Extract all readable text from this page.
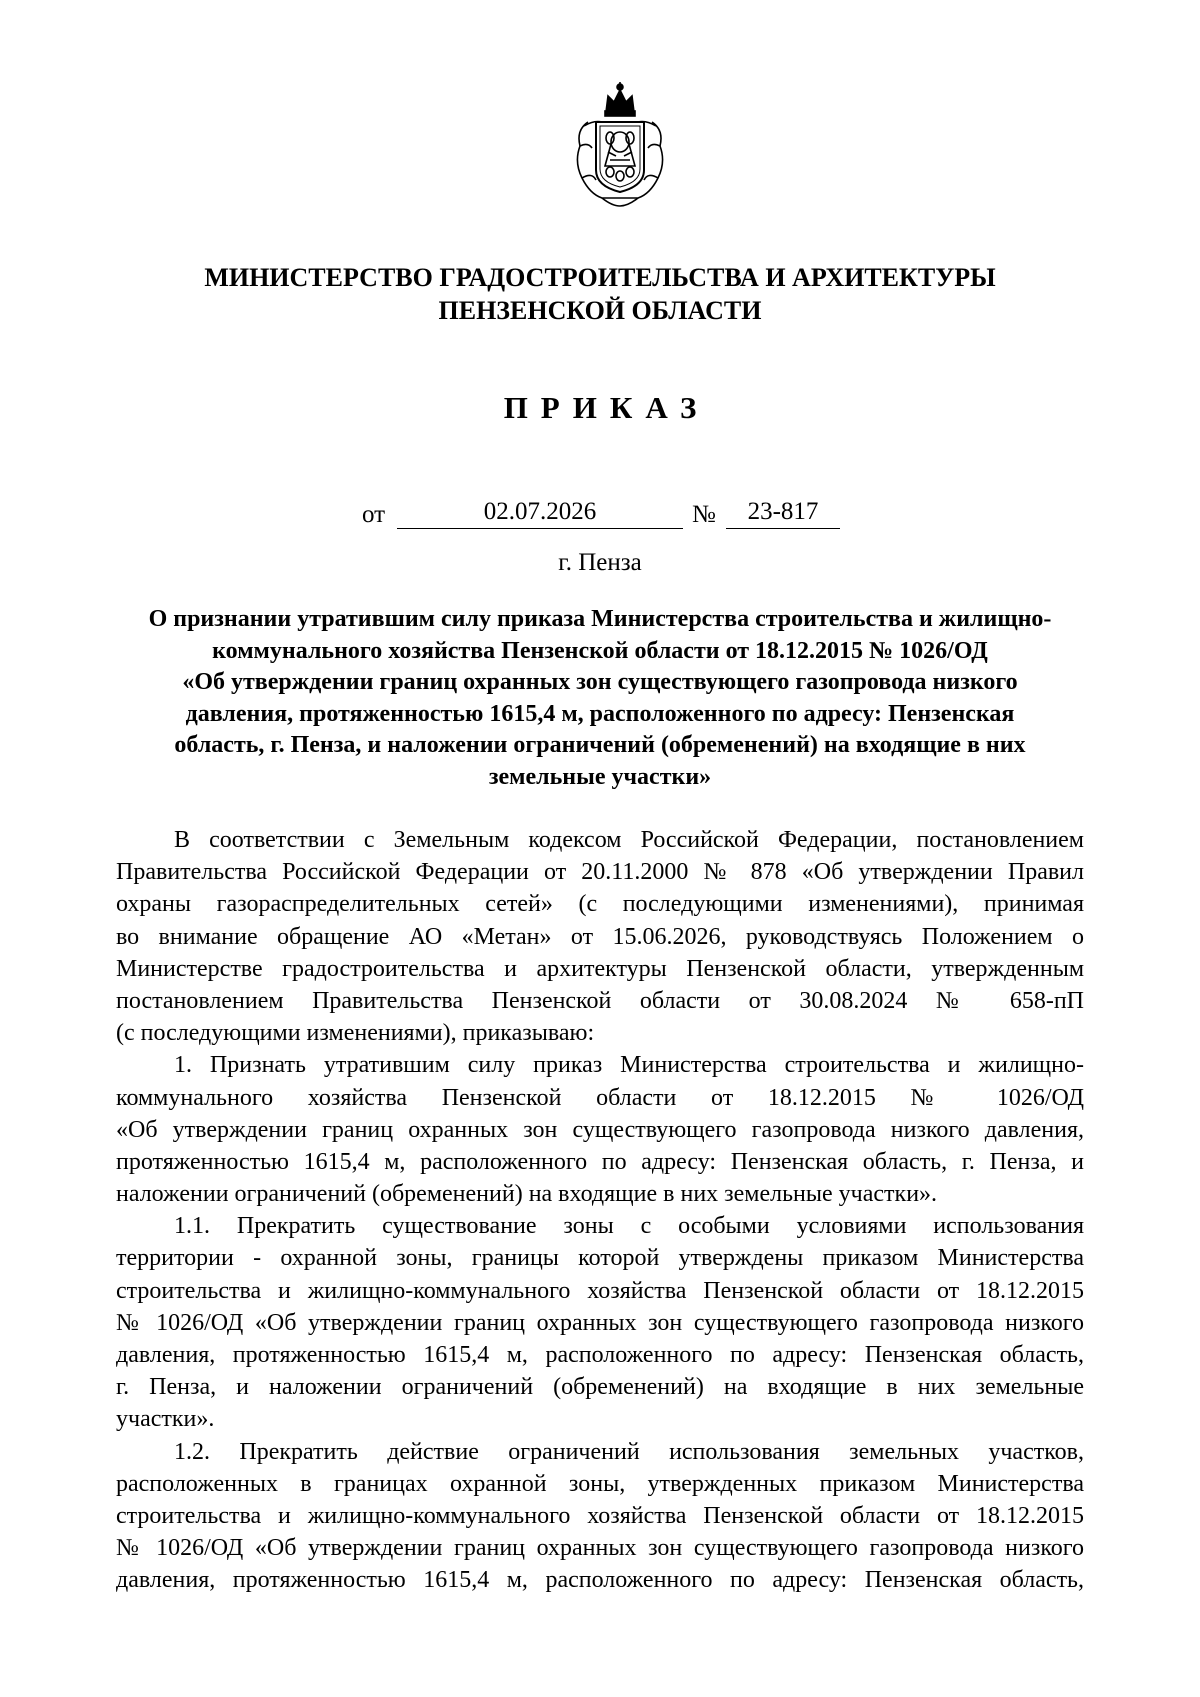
МИНИСТЕРСТВО ГРАДОСТРОИТЕЛЬСТВА И АРХИТЕКТУРЫ
ПЕНЗЕНСКОЙ ОБЛАСТИ
ПРИКАЗ
от	02.07.2026	№	23-817
г. Пенза
О признании утратившим силу приказа Министерства строительства и жилищно-
коммунального хозяйства Пензенской области от 18.12.2015 № 1026/ОД
«Об утверждении границ охранных зон существующего газопровода низкого
давления, протяженностью 1615,4 м, расположенного по адресу: Пензенская
область, г. Пенза, и наложении ограничений (обременений) на входящие в них
земельные участки»
В соответствии с Земельным кодексом Российской Федерации, постановлением
Правительства Российской Федерации от 20.11.2000 № 878 «Об утверждении Правил
охраны газораспределительных сетей» (с последующими изменениями), принимая
во внимание обращение АО «Метан» от 15.06.2026, руководствуясь Положением о
Министерстве градостроительства и архитектуры Пензенской области, утвержденным
постановлением Правительства Пензенской области от 30.08.2024 № 658-пП
(с последующими изменениями), приказываю:
1. Признать утратившим силу приказ Министерства строительства и жилищно-
коммунального хозяйства Пензенской области от 18.12.2015 № 1026/ОД
«Об утверждении границ охранных зон существующего газопровода низкого давления,
протяженностью 1615,4 м, расположенного по адресу: Пензенская область, г. Пенза, и
наложении ограничений (обременений) на входящие в них земельные участки».
1.1. Прекратить существование зоны с особыми условиями использования
территории - охранной зоны, границы которой утверждены приказом Министерства
строительства и жилищно-коммунального хозяйства Пензенской области от 18.12.2015
№ 1026/ОД «Об утверждении границ охранных зон существующего газопровода низкого
давления, протяженностью 1615,4 м, расположенного по адресу: Пензенская область,
г. Пенза, и наложении ограничений (обременений) на входящие в них земельные
участки».
1.2. Прекратить действие ограничений использования земельных участков,
расположенных в границах охранной зоны, утвержденных приказом Министерства
строительства и жилищно-коммунального хозяйства Пензенской области от 18.12.2015
№ 1026/ОД «Об утверждении границ охранных зон существующего газопровода низкого
давления, протяженностью 1615,4 м, расположенного по адресу: Пензенская область,
